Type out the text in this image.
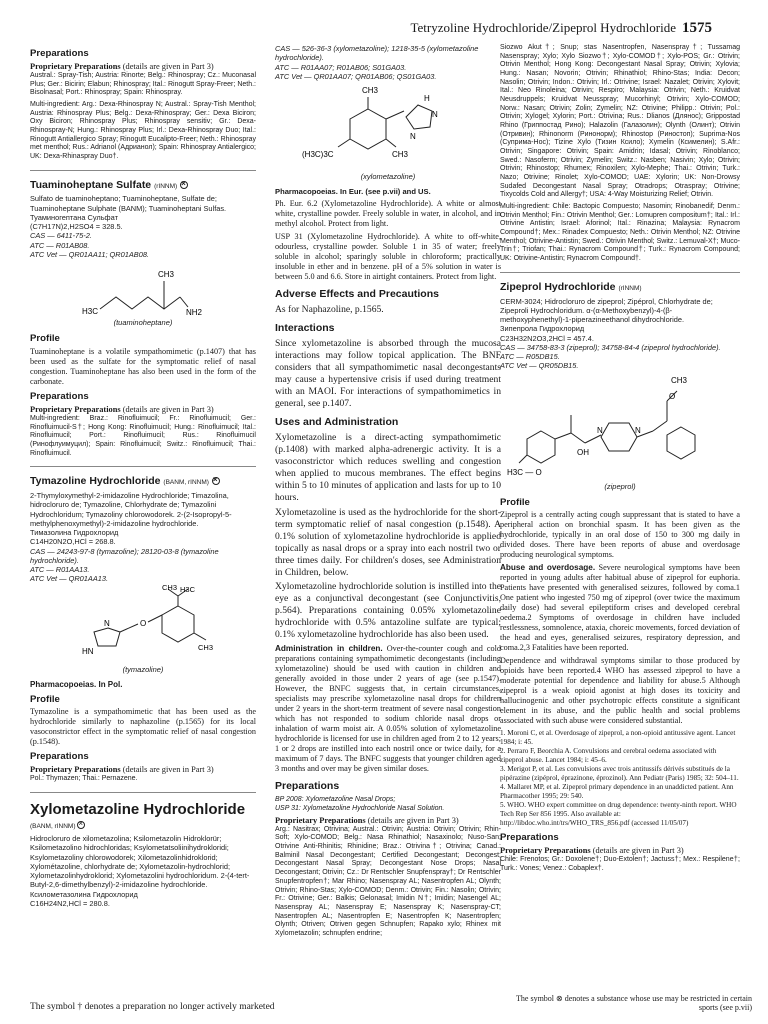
Tetryzoline Hydrochloride/Zipeprol Hydrochloride 1575
Preparations
Proprietary Preparations (details are given in Part 3)
Austral.: Spray-Tish; Austria: Rinorte; Belg.: Rhinospray; Cz.: Muconasal Plus; Ger.: Bicirin; Elabun; Rhinospray; Ital.: Rinogutt Spray-Freer; Neth.: Bisolnasal; Port.: Rhinospray; Spain: Rhinospray.
Multi-ingredient: Arg.: Dexa-Rhinospray N; Austral.: Spray-Tish Menthol; Austria: Rhinospray Plus; Belg.: Dexa-Rhinospray; Ger.: Dexa Biciron; Oxy Biciron; Rhinospray Plus; Rhinospray sensitiv; Gr.: Dexa-Rhinospray-N; Hung.: Rhinospray Plus; Irl.: Dexa-Rhinospray Duo; Ital.: Rinogutt Antiallergico Spray; Rinogutt Eucalipto-Freer; Neth.: Rhinospray met menthol; Rus.: Adrianol (Адрианол); Spain: Rhinospray Antialergico; UK: Dexa-Rhinaspray Duo†.
Tuaminoheptane Sulfate (rINNM) ×
Sulfato de tuaminoheptano; Tuaminoheptane, Sulfate de; Tuaminoheptane Sulphate (BANM); Tuaminoheptani Sulfas.
Туаминогептана Сульфат
(C7H17N)2,H2SO4 = 328.5.
CAS — 6411-75-2.
ATC — R01AB08.
ATC Vet — QR01AA11; QR01AB08.
CH3
H3C	NH2
(tuaminoheptane)
Profile

Tuaminoheptane is a volatile sympathomimetic (p.1407) that has been used as the sulfate for the symptomatic relief of nasal congestion. Tuaminoheptane has also been used in the form of the carbonate.

Preparations
Proprietary Preparations (details are given in Part 3)
Multi-ingredient: Braz.: Rinofluimucil; Fr.: Rinofluimucil; Ger.: Rinofluimucil-S†; Hong Kong: Rinofluimucil; Hung.: Rinofluimucil; Ital.: Rinofluimucil; Port.: Rinofluimucil; Rus.: Rinofluimucil (Ринофлуимуцил); Spain: Rinofluimucil; Switz.: Rinofluimucil; Thai.: Rinofluimucil.
Tymazoline Hydrochloride (BANM, rINNM) ×
2-Thymyloxymethyl-2-imidazoline Hydrochloride; Timazolina, hidrocloruro de; Tymazoline, Chlorhydrate de; Tymazolini Hydrochloridum; Tymazoliny chlorowodorek. 2-(2-Isopropyl-5-methylphenoxymethyl)-2-imidazoline hydrochloride.
Тимазолина Гидрохлорид
C14H20N2O,HCl = 268.8.
CAS — 24243-97-8 (tymazoline); 28120-03-8 (tymazoline hydrochloride).
ATC — R01AA13.
ATC Vet — QR01AA13.
CH3 H3C
CH3
O
N
HN
(tymazoline)

Pharmacopoeias. In Pol.

Profile

Tymazoline is a sympathomimetic that has been used as the hydrochloride similarly to naphazoline (p.1565) for its local vasoconstrictor effect in the symptomatic relief of nasal congestion (p.1548).

Preparations
Proprietary Preparations (details are given in Part 3)
Pol.: Thymazen; Thai.: Pernazene.
Xylometazoline Hydrochloride
(BANM, rINNM) ×
Hidrocloruro de xilometazolina; Ksilometazolin Hidroklorür; Ksilometazolino hidrochloridas; Ksylometatsoliinihydrokloridi; Ksylometazoliny chlorowodorek; Xilometazolinhidroklorid; Xylométazoline, chlorhydrate de; Xylometazolin-hydrochlorid; Xylometazolinhydroklorid; Xylometazolini hydrochloridum. 2-(4-tert-Butyl-2,6-dimethylbenzyl)-2-imidazoline hydrochloride.
Ксилометазолина Гидрохлорид
C16H24N2,HCl = 280.8.
CAS — 526-36-3 (xylometazoline); 1218-35-5 (xylometazoline hydrochloride).
ATC — R01AA07; R01AB06; S01GA03.
ATC Vet — QR01AA07; QR01AB06; QS01GA03.
CH3
H
N
N
(H3C)3C	CH3
(xylometazoline)

Pharmacopoeias. In Eur. (see p.vii) and US.

Ph. Eur. 6.2 (Xylometazoline Hydrochloride). A white or almost white, crystalline powder. Freely soluble in water, in alcohol, and in methyl alcohol. Protect from light.

USP 31 (Xylometazoline Hydrochloride). A white to off-white, odourless, crystalline powder. Soluble 1 in 35 of water; freely soluble in alcohol; sparingly soluble in chloroform; practically insoluble in ether and in benzene. pH of a 5% solution in water is between 5.0 and 6.6. Store in airtight containers. Protect from light.

Adverse Effects and Precautions

As for Naphazoline, p.1565.

Interactions

Since xylometazoline is absorbed through the mucosa interactions may follow topical application. The BNF considers that all sympathomimetic nasal decongestants may cause a hypertensive crisis if used during treatment with an MAOI. For interactions of sympathomimetics in general, see p.1407.

Uses and Administration

Xylometazoline is a direct-acting sympathomimetic (p.1408) with marked alpha-adrenergic activity. It is a vasoconstrictor which reduces swelling and congestion when applied to mucous membranes. The effect begins within 5 to 10 minutes of application and lasts for up to 10 hours.

Xylometazoline is used as the hydrochloride for the short-term symptomatic relief of nasal congestion (p.1548). A 0.1% solution of xylometazoline hydrochloride is applied topically as nasal drops or a spray into each nostril two or three times daily. For children's doses, see Administration in Children, below.

Xylometazoline hydrochloride solution is instilled into the eye as a conjunctival decongestant (see Conjunctivitis, p.564). Preparations containing 0.05% xylometazoline hydrochloride with 0.5% antazoline sulfate are typical; 0.1% xylometazoline hydrochloride has also been used.

Administration in children. Over-the-counter cough and cold preparations containing sympathomimetic decongestants (including xylometazoline) should be used with caution in children and generally avoided in those under 2 years of age (see p.1547). However, the BNFC suggests that, in certain circumstances, specialists may prescribe xylometazoline nasal drops for children under 2 years in the short-term treatment of severe nasal congestion which has not responded to sodium chloride nasal drops or inhalation of warm moist air. A 0.05% solution of xylometazoline hydrochloride is licensed for use in children aged from 2 to 12 years; 1 or 2 drops are instilled into each nostril once or twice daily, for a maximum of 7 days. The BNFC suggests that younger children aged 3 months and over may be given similar doses.

Preparations
BP 2008: Xylometazoline Nasal Drops;
USP 31: Xylometazoline Hydrochloride Nasal Solution.
Proprietary Preparations (details are given in Part 3)
Arg.: Nasitrax; Otrivina; Austral.: Otrivin; Austria: Otrivin; Otrivin; Rhin-Soft; Xylo-COMOD; Belg.: Nasa Rhinathiol; Nasaxinolo; Nuso-San; Otrivine Anti-Rhinitis; Rhinidine; Braz.: Otrivina†; Otrivina; Canad.: Balminil Nasal Decongestant; Certified Decongestant; Decongest; Decongestant Nasal Spray; Decongestant Nose Drops; Nasal Decongestant; Otrivin; Cz.: Dr Rentschler Snupfenspray†; Dr Rentschler Snupfentropfen†; Mar Rhino; Nasenspray AL; Nasentropfen AL; Olynth; Otrivin; Rhino-Stas; Xylo-COMOD; Denm.: Otrivin; Fin.: Nasolin; Otrivin; Fr.: Otrivine; Ger.: Balkis; Gelonasal; Imidin N†; Imidin; Nasengel AL; Nasenspray AL; Nasenspray E; Nasenspray K; Nasenspray-CT; Nasentropfen AL; Nasentropfen E; Nasentropfen K; Nasentropfen; Olynth; Otriven; Otriven gegen Schnupfen; Rapako xylo; Rhinex mit Xylometazolin; schnupfen endrine;
Siozwo Akut†; Snup; stas Nasentropfen, Nasenspray†; Tussamag Nasenspray; Xylo; Xylo Siozwo†; Xylo-COMOD†; Xylo-POS; Gr.: Otrivin; Otrivin Menthol; Hong Kong: Decongestant Nasal Spray; Otrivin; Xylovia; Hung.: Nasan; Novorin; Otrivin; Rhinathiol; Rhino-Stas; India: Decon; Nasolin; Otrivin; Indon.: Otrivin; Irl.: Otrivine; Israel: Nazalet; Otrivin; Xylovit; Ital.: Neo Rinoleina; Otrivin; Respiro; Malaysia: Otrivin; Neth.: Kruidvat Neusdruppels; Kruidvat Neusspray; Mucorhinyl; Otrivin; Xylo-COMOD; Norw.: Nasan; Otrivin; Zolin; Zymelin; NZ: Otrivine; Philipp.: Otrivin; Pol.: Otrivin; Xylogel; Xylorin; Port.: Otrivina; Rus.: Dlianos (Длянос); Grippostad Rhino (Гриппостад Рино); Halazolin (Галазолин); Olynth (Олинт); Otrivin (Отривин); Rhinonorm (Ринонорм); Rhinostop (Риностоп); Suprima-Nos (Суприма-Нос); Tizine Xylo (Тизин Ксило); Xymelin (Ксимелин); S.Afr.: Otrivin; Singapore: Otrivin; Spain: Amidrin; Idasal; Otrivin; Rinoblanco; Swed.: Nasoferm; Otrivin; Zymelin; Switz.: Nasben; Nasivin; Xylo; Otrivin; Otrivin; Rhinostop; Rhumex; Rinoxilen; Xylo-Mephe; Thai.: Otrivin; Turk.: Nazo; Otrivine; Rinolet; Xylo-COMOD; UAE: Xylorin; UK: Non-Drowsy Sudafed Decongestant Nasal Spray; Otradrops; Otraspray; Otrivine; Tixycolds Cold and Allergy†; USA: 4-Way Moisturizing Relief; Otrivin.
Multi-ingredient: Chile: Bactopic Compuesto; Nasomin; Rinobanedif; Denm.: Otrivin Menthol; Fin.: Otrivin Menthol; Ger.: Lomupren compositum†; Ital.: Irl.: Otrivine Antistin; Israel: Aforinol; Ital.: Rinazina; Malaysia: Rynacrom Compound†; Mex.: Rinadex Compuesto; Neth.: Otrivin Menthol; NZ: Otrivine Menthol; Otrivine-Antistin; Swed.: Otrivin Menthol; Switz.: Lemuval-X†; Muco-Trin†; Triofan; Thai.: Rynacrom Compound†; Turk.: Rynacrom Compound; UK: Otrivine-Antistin; Rynacrom Compound†.
Zipeprol Hydrochloride (rINNM)
CERM-3024; Hidrocloruro de zipeprol; Zipéprol, Chlorhydrate de; Zipeproli Hydrochloridum. α-(α-Methoxybenzyl)-4-(β-methoxyphenethyl)-1-piperazineethanol dihydrochloride.
Зипепрола Гидрохлорид
C23H32N2O3,2HCl = 457.4.
CAS — 34758-83-3 (zipeprol); 34758-84-4 (zipeprol hydrochloride).
ATC — R05DB15.
ATC Vet — QR05DB15.
CH3
O
N	N
H3C — O
OH
(zipeprol)
Profile

Zipeprol is a centrally acting cough suppressant that is stated to have a peripheral action on bronchial spasm. It has been given as the hydrochloride, typically in an oral dose of 150 to 300 mg daily in divided doses. There have been reports of abuse and overdosage producing neurological symptoms.

Abuse and overdosage. Severe neurological symptoms have been reported in young adults after habitual abuse of zipeprol for euphoria. Patients have presented with generalised seizures, followed by coma.1 One patient who ingested 750 mg of zipeprol (over twice the maximum daily dose) had several epileptiform crises and developed cerebral oedema.2 Symptoms of overdosage in children have included restlessness, somnolence, ataxia, choreic movements, forced deviation of the head and eyes, generalised seizures, respiratory depression, and coma.2,3 Fatalities have been reported.

Dependence and withdrawal symptoms similar to those produced by opioids have been reported.4 WHO has assessed zipeprol to have a moderate potential for dependence and liability for abuse.5 Although zipeprol is a weak opioid agonist at high doses its toxicity and hallucinogenic and other psychotropic effects constitute a significant element in its abuse, and the public health and social problems associated with such abuse were considered substantial.

1. Moroni C, et al. Overdosage of zipeprol, a non-opioid antitussive agent. Lancet 1984; i: 45.
2. Perraro F, Beorchia A. Convulsions and cerebral oedema associated with zipeprol abuse. Lancet 1984; i: 45–6.
3. Merigot P, et al. Les convulsions avec trois antitussifs dérivés substitués de la pipérazine (zipéprol, éprazinone, éprozinol). Ann Pediatr (Paris) 1985; 32: 504–11.
4. Mallaret MP, et al. Zipeprol primary dependence in an unaddicted patient. Ann Pharmacother 1995; 29: 540.
5. WHO. WHO expert committee on drug dependence: twenty-ninth report. WHO Tech Rep Ser 856 1995. Also available at: http://libdoc.who.int/trs/WHO_TRS_856.pdf (accessed 11/05/07)
Preparations
Proprietary Preparations (details are given in Part 3)
Chile: Frenotos; Gr.: Doxolene†; Duo-Extolen†; Jactuss†; Mex.: Respilene†; Turk.: Vones; Venez.: Cobaplex†.
The symbol † denotes a preparation no longer actively marketed
The symbol ⊗ denotes a substance whose use may be restricted in certain sports (see p.vii)
